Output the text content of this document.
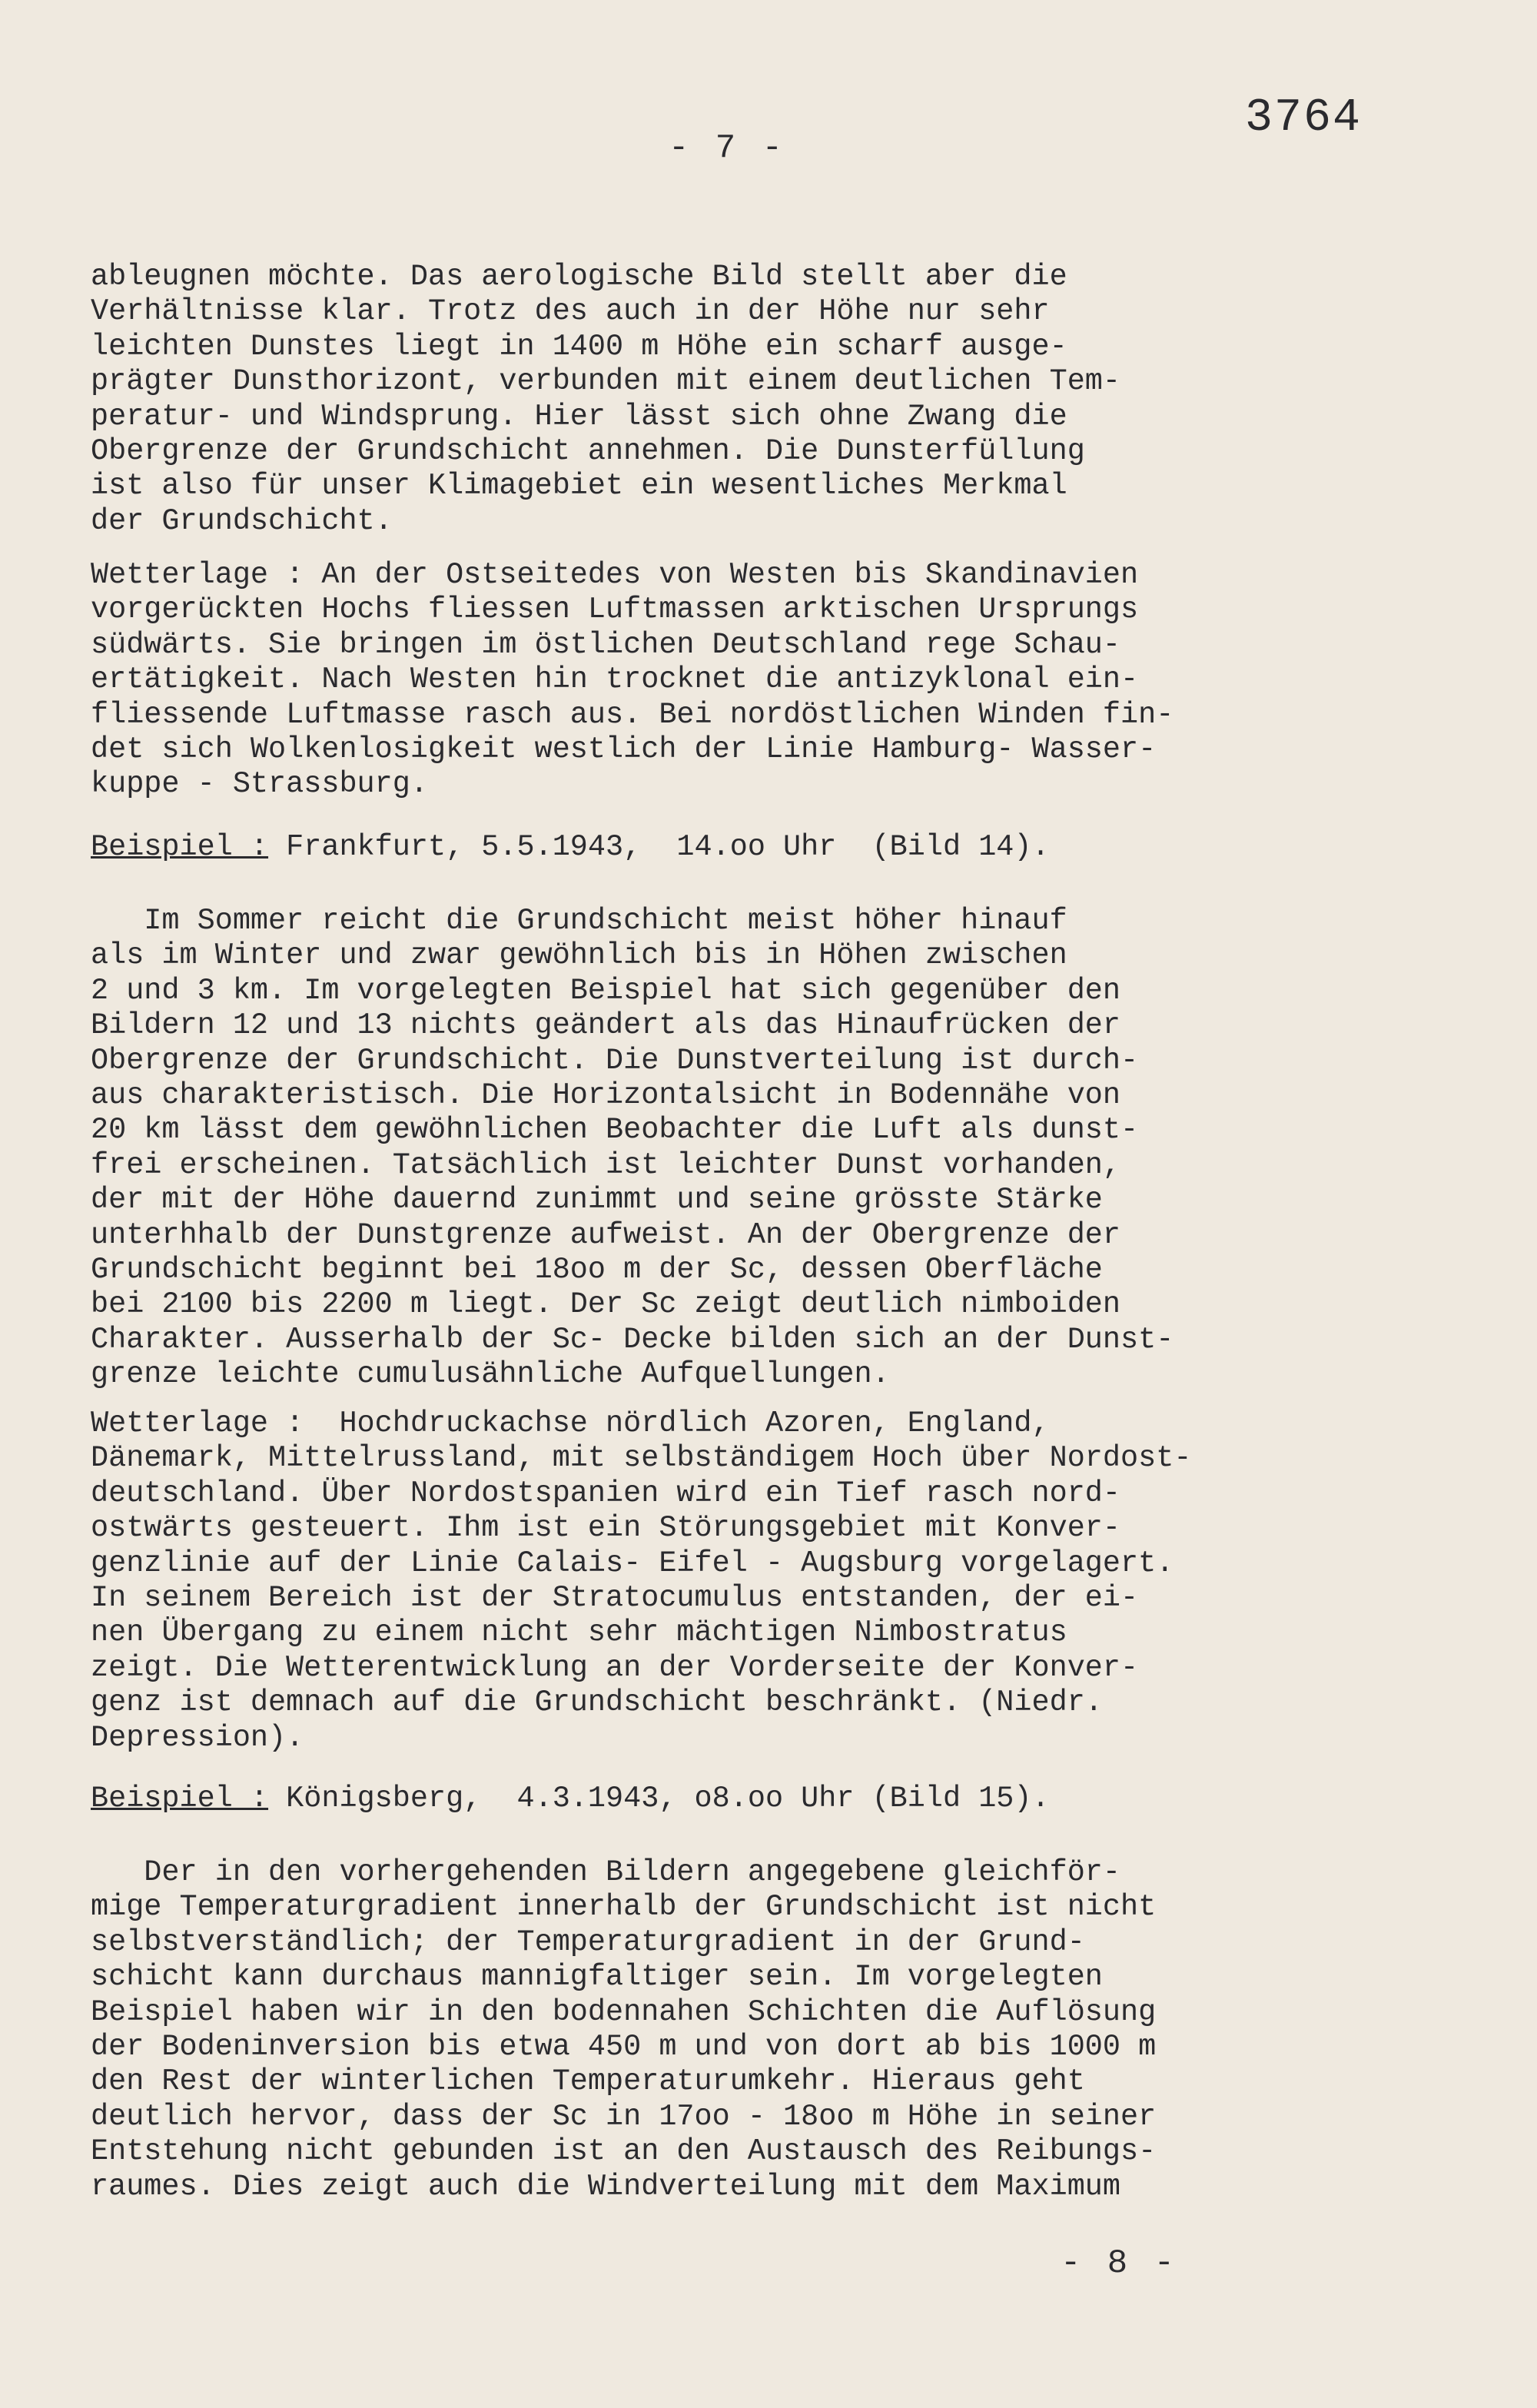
- 7 -
3764
ableugnen möchte. Das aerologische Bild stellt aber die
Verhältnisse klar. Trotz des auch in der Höhe nur sehr
leichten Dunstes liegt in 1400 m Höhe ein scharf ausge-
prägter Dunsthorizont, verbunden mit einem deutlichen Tem-
peratur- und Windsprung. Hier lässt sich ohne Zwang die
Obergrenze der Grundschicht annehmen. Die Dunsterfüllung
ist also für unser Klimagebiet ein wesentliches Merkmal
der Grundschicht.
Wetterlage : An der Ostseitedes von Westen bis Skandinavien
vorgerückten Hochs fliessen Luftmassen arktischen Ursprungs
südwärts. Sie bringen im östlichen Deutschland rege Schau-
ertätigkeit. Nach Westen hin trocknet die antizyklonal ein-
fliessende Luftmasse rasch aus. Bei nordöstlichen Winden fin-
det sich Wolkenlosigkeit westlich der Linie Hamburg- Wasser-
kuppe - Strassburg.
Beispiel : Frankfurt, 5.5.1943,  14.oo Uhr  (Bild 14).
Im Sommer reicht die Grundschicht meist höher hinauf
als im Winter und zwar gewöhnlich bis in Höhen zwischen
2 und 3 km. Im vorgelegten Beispiel hat sich gegenüber den
Bildern 12 und 13 nichts geändert als das Hinaufrücken der
Obergrenze der Grundschicht. Die Dunstverteilung ist durch-
aus charakteristisch. Die Horizontalsicht in Bodennähe von
20 km lässt dem gewöhnlichen Beobachter die Luft als dunst-
frei erscheinen. Tatsächlich ist leichter Dunst vorhanden,
der mit der Höhe dauernd zunimmt und seine grösste Stärke
unterhhalb der Dunstgrenze aufweist. An der Obergrenze der
Grundschicht beginnt bei 18oo m der Sc, dessen Oberfläche
bei 2100 bis 2200 m liegt. Der Sc zeigt deutlich nimboiden
Charakter. Ausserhalb der Sc- Decke bilden sich an der Dunst-
grenze leichte cumulusähnliche Aufquellungen.
Wetterlage :  Hochdruckachse nördlich Azoren, England,
Dänemark, Mittelrussland, mit selbständigem Hoch über Nordost-
deutschland. Über Nordostspanien wird ein Tief rasch nord-
ostwärts gesteuert. Ihm ist ein Störungsgebiet mit Konver-
genzlinie auf der Linie Calais- Eifel - Augsburg vorgelagert.
In seinem Bereich ist der Stratocumulus entstanden, der ei-
nen Übergang zu einem nicht sehr mächtigen Nimbostratus
zeigt. Die Wetterentwicklung an der Vorderseite der Konver-
genz ist demnach auf die Grundschicht beschränkt. (Niedr.
Depression).
Beispiel : Königsberg,  4.3.1943, o8.oo Uhr (Bild 15).
Der in den vorhergehenden Bildern angegebene gleichför-
mige Temperaturgradient innerhalb der Grundschicht ist nicht
selbstverständlich; der Temperaturgradient in der Grund-
schicht kann durchaus mannigfaltiger sein. Im vorgelegten
Beispiel haben wir in den bodennahen Schichten die Auflösung
der Bodeninversion bis etwa 450 m und von dort ab bis 1000 m
den Rest der winterlichen Temperaturumkehr. Hieraus geht
deutlich hervor, dass der Sc in 17oo - 18oo m Höhe in seiner
Entstehung nicht gebunden ist an den Austausch des Reibungs-
raumes. Dies zeigt auch die Windverteilung mit dem Maximum
- 8 -
